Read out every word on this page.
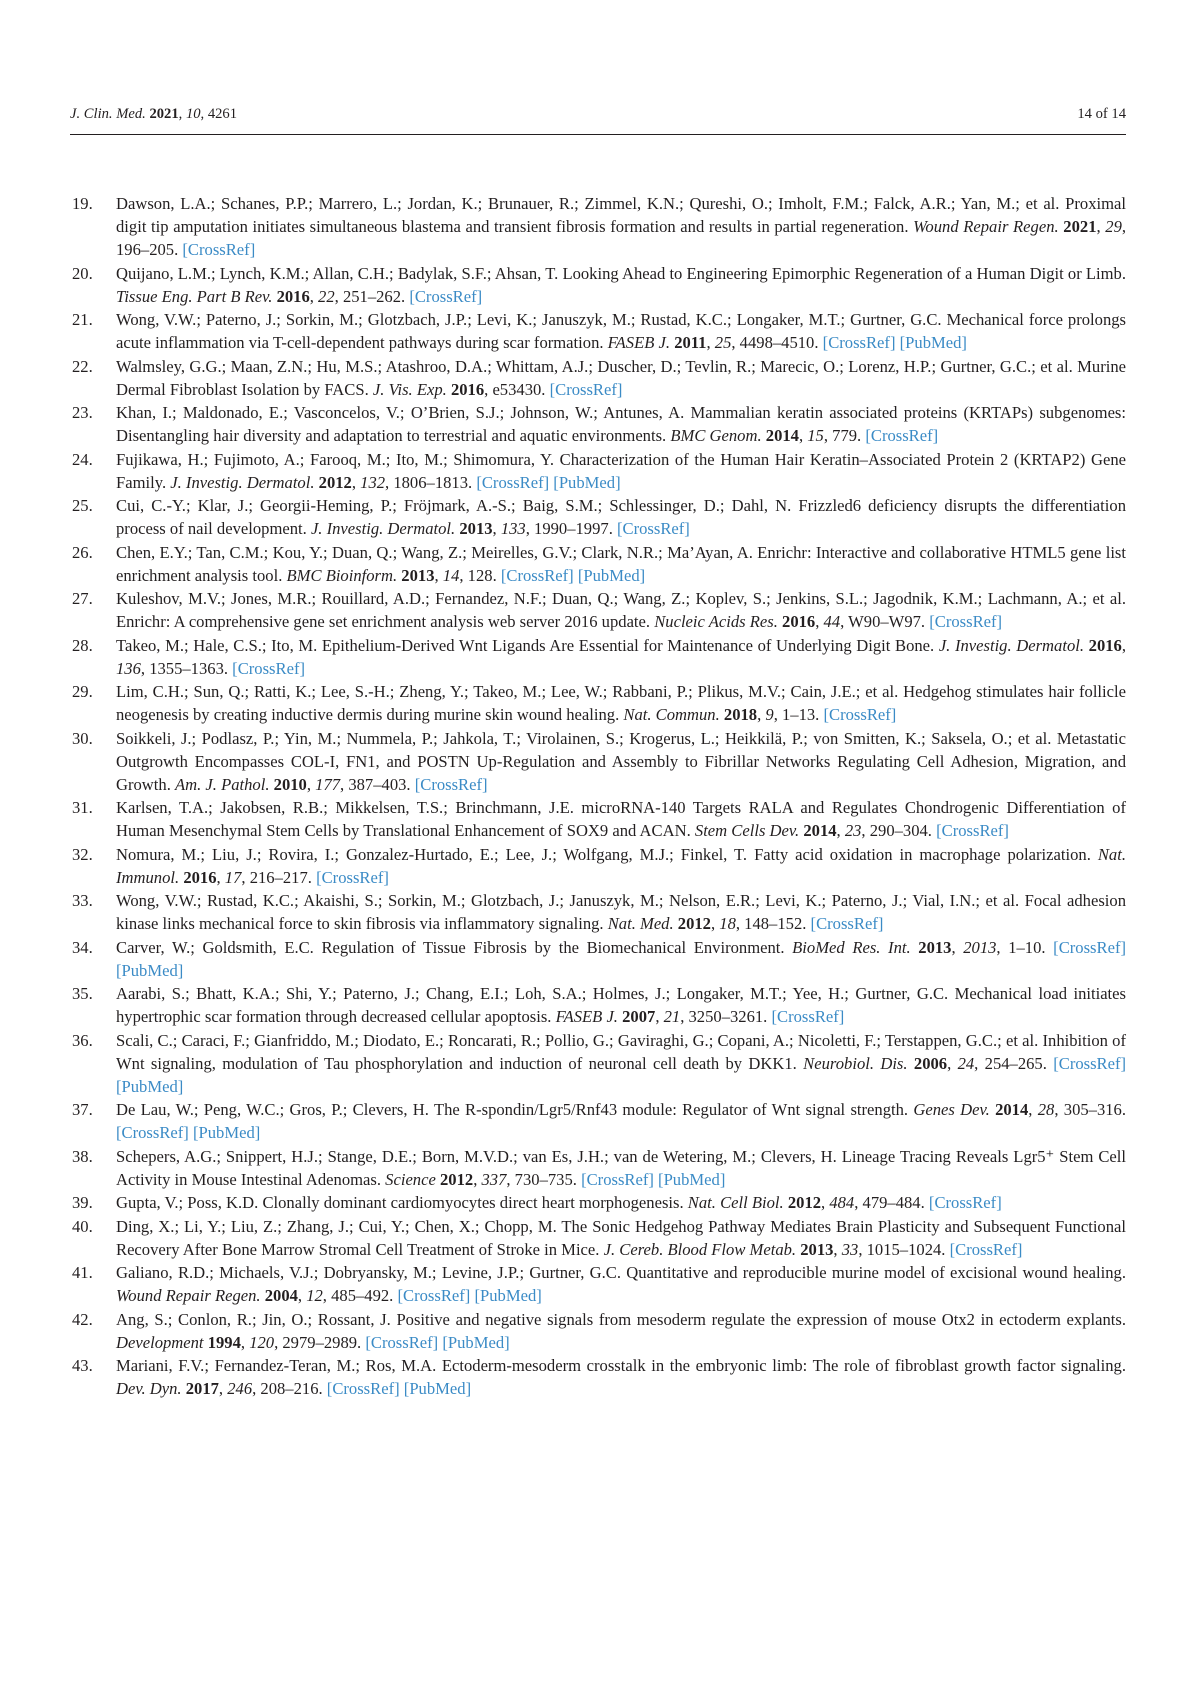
J. Clin. Med. 2021, 10, 4261	14 of 14
19. Dawson, L.A.; Schanes, P.P.; Marrero, L.; Jordan, K.; Brunauer, R.; Zimmel, K.N.; Qureshi, O.; Imholt, F.M.; Falck, A.R.; Yan, M.; et al. Proximal digit tip amputation initiates simultaneous blastema and transient fibrosis formation and results in partial regeneration. Wound Repair Regen. 2021, 29, 196–205. [CrossRef]
20. Quijano, L.M.; Lynch, K.M.; Allan, C.H.; Badylak, S.F.; Ahsan, T. Looking Ahead to Engineering Epimorphic Regeneration of a Human Digit or Limb. Tissue Eng. Part B Rev. 2016, 22, 251–262. [CrossRef]
21. Wong, V.W.; Paterno, J.; Sorkin, M.; Glotzbach, J.P.; Levi, K.; Januszyk, M.; Rustad, K.C.; Longaker, M.T.; Gurtner, G.C. Mechanical force prolongs acute inflammation via T-cell-dependent pathways during scar formation. FASEB J. 2011, 25, 4498–4510. [CrossRef] [PubMed]
22. Walmsley, G.G.; Maan, Z.N.; Hu, M.S.; Atashroo, D.A.; Whittam, A.J.; Duscher, D.; Tevlin, R.; Marecic, O.; Lorenz, H.P.; Gurtner, G.C.; et al. Murine Dermal Fibroblast Isolation by FACS. J. Vis. Exp. 2016, e53430. [CrossRef]
23. Khan, I.; Maldonado, E.; Vasconcelos, V.; O’Brien, S.J.; Johnson, W.; Antunes, A. Mammalian keratin associated proteins (KRTAPs) subgenomes: Disentangling hair diversity and adaptation to terrestrial and aquatic environments. BMC Genom. 2014, 15, 779. [CrossRef]
24. Fujikawa, H.; Fujimoto, A.; Farooq, M.; Ito, M.; Shimomura, Y. Characterization of the Human Hair Keratin–Associated Protein 2 (KRTAP2) Gene Family. J. Investig. Dermatol. 2012, 132, 1806–1813. [CrossRef] [PubMed]
25. Cui, C.-Y.; Klar, J.; Georgii-Heming, P.; Fröjmark, A.-S.; Baig, S.M.; Schlessinger, D.; Dahl, N. Frizzled6 deficiency disrupts the differentiation process of nail development. J. Investig. Dermatol. 2013, 133, 1990–1997. [CrossRef]
26. Chen, E.Y.; Tan, C.M.; Kou, Y.; Duan, Q.; Wang, Z.; Meirelles, G.V.; Clark, N.R.; Ma’Ayan, A. Enrichr: Interactive and collaborative HTML5 gene list enrichment analysis tool. BMC Bioinform. 2013, 14, 128. [CrossRef] [PubMed]
27. Kuleshov, M.V.; Jones, M.R.; Rouillard, A.D.; Fernandez, N.F.; Duan, Q.; Wang, Z.; Koplev, S.; Jenkins, S.L.; Jagodnik, K.M.; Lachmann, A.; et al. Enrichr: A comprehensive gene set enrichment analysis web server 2016 update. Nucleic Acids Res. 2016, 44, W90–W97. [CrossRef]
28. Takeo, M.; Hale, C.S.; Ito, M. Epithelium-Derived Wnt Ligands Are Essential for Maintenance of Underlying Digit Bone. J. Investig. Dermatol. 2016, 136, 1355–1363. [CrossRef]
29. Lim, C.H.; Sun, Q.; Ratti, K.; Lee, S.-H.; Zheng, Y.; Takeo, M.; Lee, W.; Rabbani, P.; Plikus, M.V.; Cain, J.E.; et al. Hedgehog stimulates hair follicle neogenesis by creating inductive dermis during murine skin wound healing. Nat. Commun. 2018, 9, 1–13. [CrossRef]
30. Soikkeli, J.; Podlasz, P.; Yin, M.; Nummela, P.; Jahkola, T.; Virolainen, S.; Krogerus, L.; Heikkilä, P.; von Smitten, K.; Saksela, O.; et al. Metastatic Outgrowth Encompasses COL-I, FN1, and POSTN Up-Regulation and Assembly to Fibrillar Networks Regulating Cell Adhesion, Migration, and Growth. Am. J. Pathol. 2010, 177, 387–403. [CrossRef]
31. Karlsen, T.A.; Jakobsen, R.B.; Mikkelsen, T.S.; Brinchmann, J.E. microRNA-140 Targets RALA and Regulates Chondrogenic Differentiation of Human Mesenchymal Stem Cells by Translational Enhancement of SOX9 and ACAN. Stem Cells Dev. 2014, 23, 290–304. [CrossRef]
32. Nomura, M.; Liu, J.; Rovira, I.; Gonzalez-Hurtado, E.; Lee, J.; Wolfgang, M.J.; Finkel, T. Fatty acid oxidation in macrophage polarization. Nat. Immunol. 2016, 17, 216–217. [CrossRef]
33. Wong, V.W.; Rustad, K.C.; Akaishi, S.; Sorkin, M.; Glotzbach, J.; Januszyk, M.; Nelson, E.R.; Levi, K.; Paterno, J.; Vial, I.N.; et al. Focal adhesion kinase links mechanical force to skin fibrosis via inflammatory signaling. Nat. Med. 2012, 18, 148–152. [CrossRef]
34. Carver, W.; Goldsmith, E.C. Regulation of Tissue Fibrosis by the Biomechanical Environment. BioMed Res. Int. 2013, 2013, 1–10. [CrossRef] [PubMed]
35. Aarabi, S.; Bhatt, K.A.; Shi, Y.; Paterno, J.; Chang, E.I.; Loh, S.A.; Holmes, J.; Longaker, M.T.; Yee, H.; Gurtner, G.C. Mechanical load initiates hypertrophic scar formation through decreased cellular apoptosis. FASEB J. 2007, 21, 3250–3261. [CrossRef]
36. Scali, C.; Caraci, F.; Gianfriddo, M.; Diodato, E.; Roncarati, R.; Pollio, G.; Gaviraghi, G.; Copani, A.; Nicoletti, F.; Terstappen, G.C.; et al. Inhibition of Wnt signaling, modulation of Tau phosphorylation and induction of neuronal cell death by DKK1. Neurobiol. Dis. 2006, 24, 254–265. [CrossRef] [PubMed]
37. De Lau, W.; Peng, W.C.; Gros, P.; Clevers, H. The R-spondin/Lgr5/Rnf43 module: Regulator of Wnt signal strength. Genes Dev. 2014, 28, 305–316. [CrossRef] [PubMed]
38. Schepers, A.G.; Snippert, H.J.; Stange, D.E.; Born, M.V.D.; van Es, J.H.; van de Wetering, M.; Clevers, H. Lineage Tracing Reveals Lgr5⁺ Stem Cell Activity in Mouse Intestinal Adenomas. Science 2012, 337, 730–735. [CrossRef] [PubMed]
39. Gupta, V.; Poss, K.D. Clonally dominant cardiomyocytes direct heart morphogenesis. Nat. Cell Biol. 2012, 484, 479–484. [CrossRef]
40. Ding, X.; Li, Y.; Liu, Z.; Zhang, J.; Cui, Y.; Chen, X.; Chopp, M. The Sonic Hedgehog Pathway Mediates Brain Plasticity and Subsequent Functional Recovery After Bone Marrow Stromal Cell Treatment of Stroke in Mice. J. Cereb. Blood Flow Metab. 2013, 33, 1015–1024. [CrossRef]
41. Galiano, R.D.; Michaels, V.J.; Dobryansky, M.; Levine, J.P.; Gurtner, G.C. Quantitative and reproducible murine model of excisional wound healing. Wound Repair Regen. 2004, 12, 485–492. [CrossRef] [PubMed]
42. Ang, S.; Conlon, R.; Jin, O.; Rossant, J. Positive and negative signals from mesoderm regulate the expression of mouse Otx2 in ectoderm explants. Development 1994, 120, 2979–2989. [CrossRef] [PubMed]
43. Mariani, F.V.; Fernandez-Teran, M.; Ros, M.A. Ectoderm-mesoderm crosstalk in the embryonic limb: The role of fibroblast growth factor signaling. Dev. Dyn. 2017, 246, 208–216. [CrossRef] [PubMed]
